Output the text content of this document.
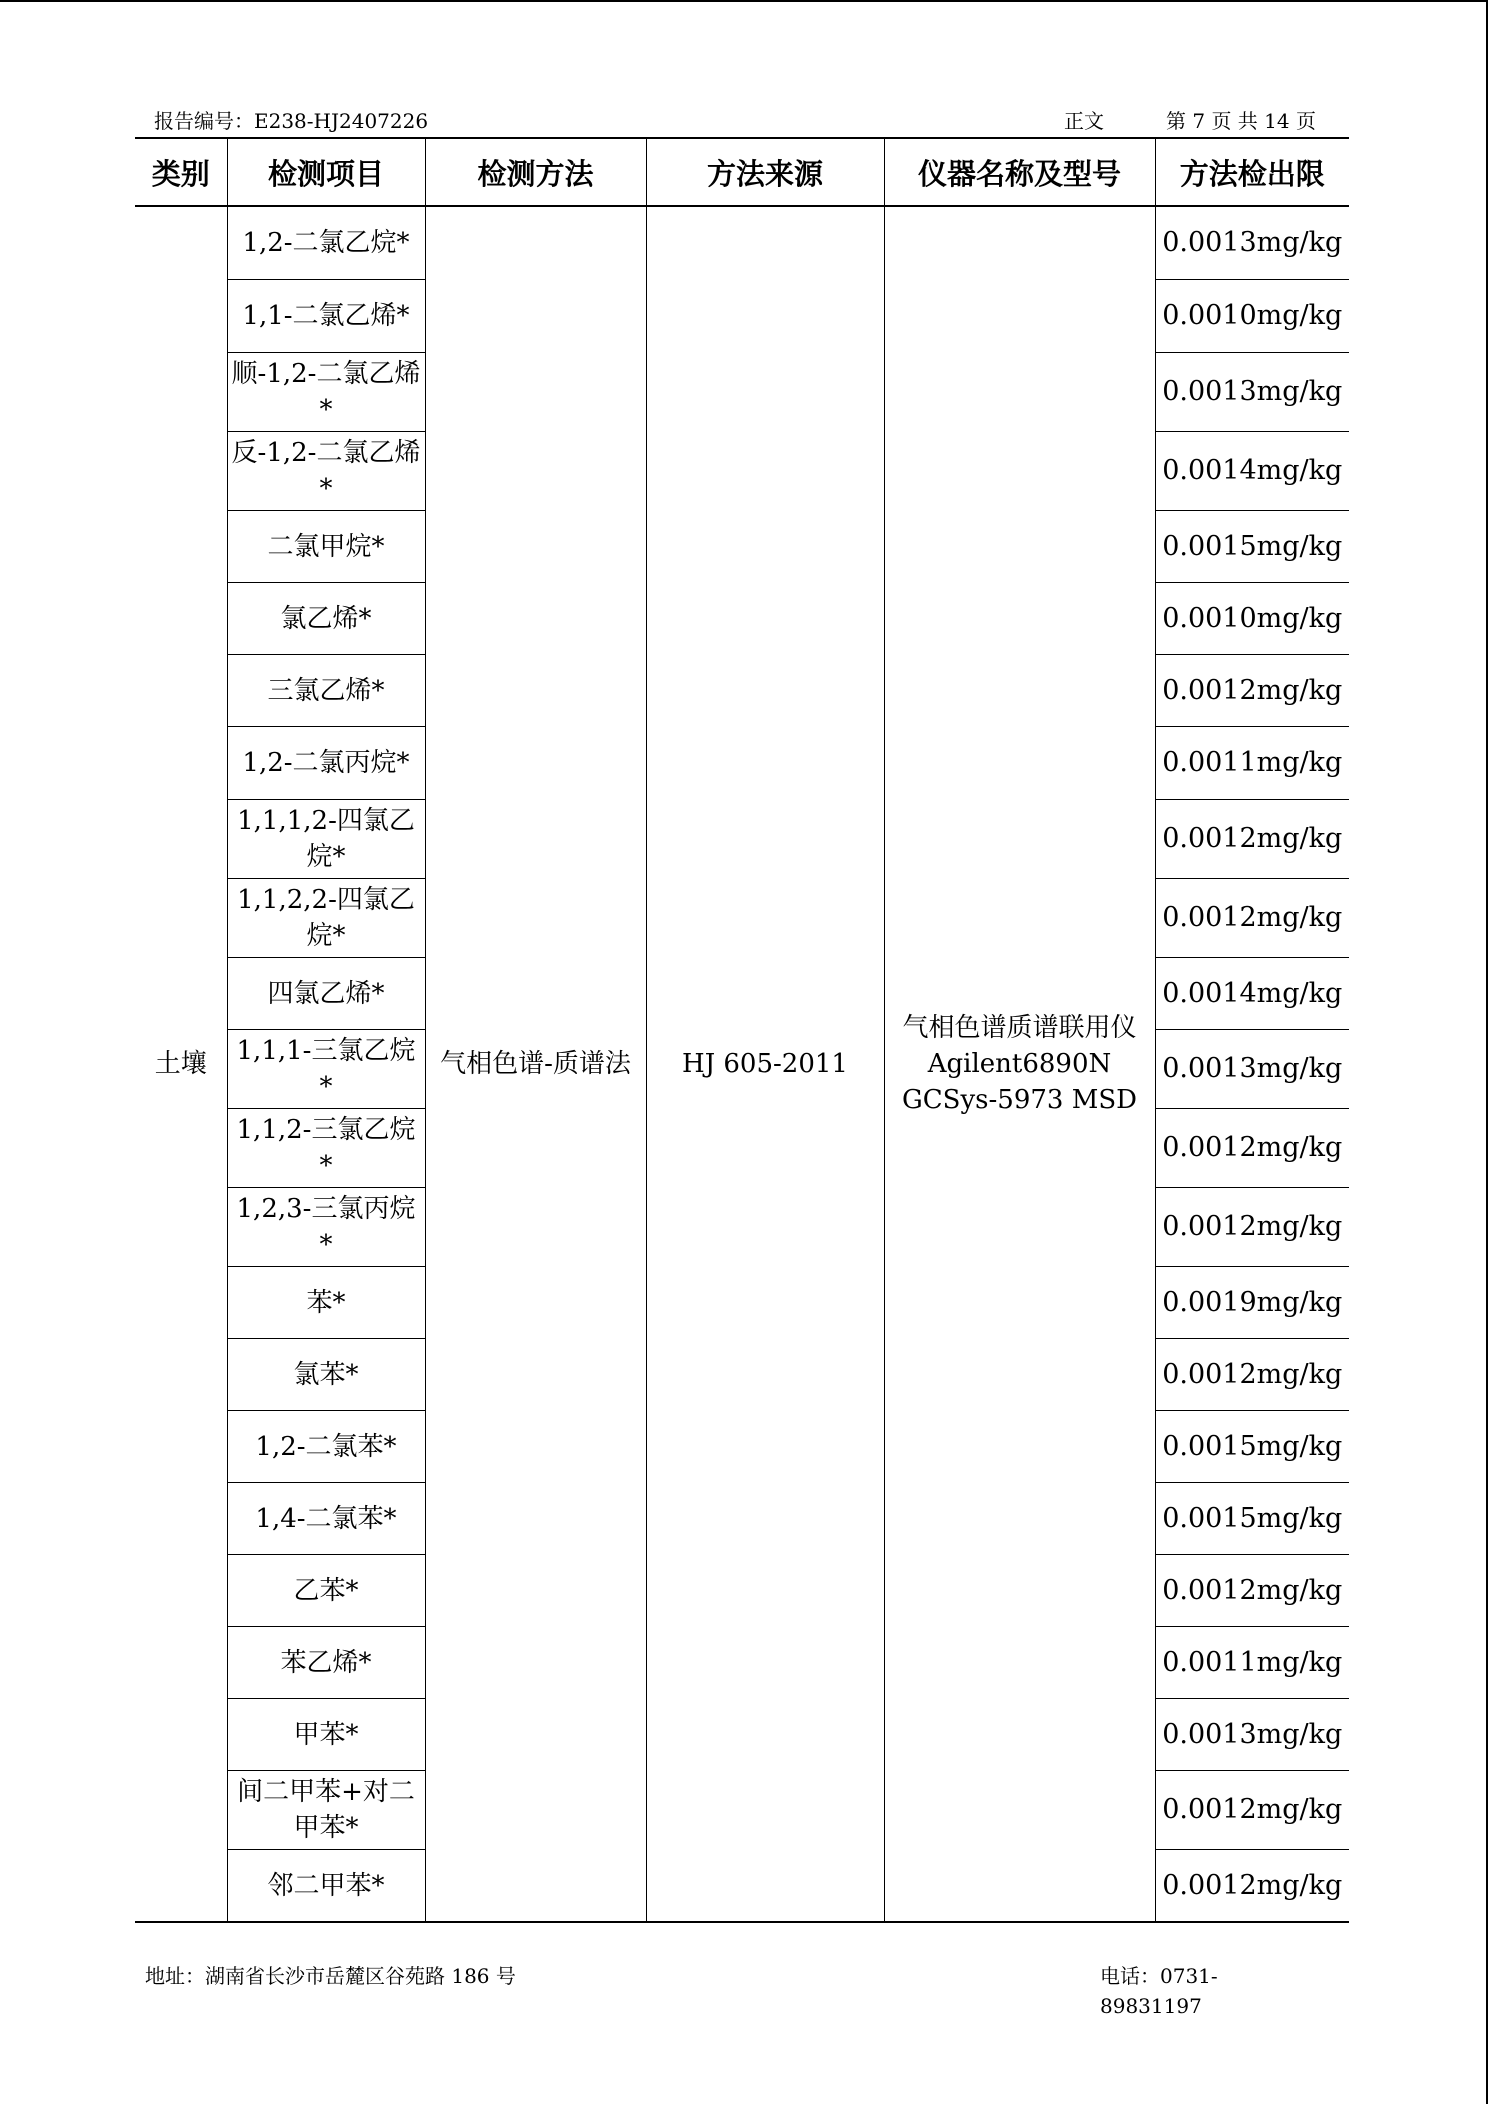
报告编号：E238-HJ2407226	正文	第 7 页 共 14 页
类别	检测项目	检测方法	方法来源	仪器名称及型号	方法检出限
土壤	1,2-二氯乙烷*	气相色谱-质谱法	HJ 605-2011	气相色谱质谱联用仪 Agilent6890N GCSys-5973 MSD	0.0013mg/kg
	1,1-二氯乙烯*				0.0010mg/kg
	顺-1,2-二氯乙烯*				0.0013mg/kg
	反-1,2-二氯乙烯*				0.0014mg/kg
	二氯甲烷*				0.0015mg/kg
	氯乙烯*				0.0010mg/kg
	三氯乙烯*				0.0012mg/kg
	1,2-二氯丙烷*				0.0011mg/kg
	1,1,1,2-四氯乙烷*				0.0012mg/kg
	1,1,2,2-四氯乙烷*				0.0012mg/kg
	四氯乙烯*				0.0014mg/kg
	1,1,1-三氯乙烷*				0.0013mg/kg
	1,1,2-三氯乙烷*				0.0012mg/kg
	1,2,3-三氯丙烷*				0.0012mg/kg
	苯*				0.0019mg/kg
	氯苯*				0.0012mg/kg
	1,2-二氯苯*				0.0015mg/kg
	1,4-二氯苯*				0.0015mg/kg
	乙苯*				0.0012mg/kg
	苯乙烯*				0.0011mg/kg
	甲苯*				0.0013mg/kg
	间二甲苯+对二甲苯*				0.0012mg/kg
	邻二甲苯*				0.0012mg/kg
地址：湖南省长沙市岳麓区谷苑路 186 号	电话：0731-89831197
